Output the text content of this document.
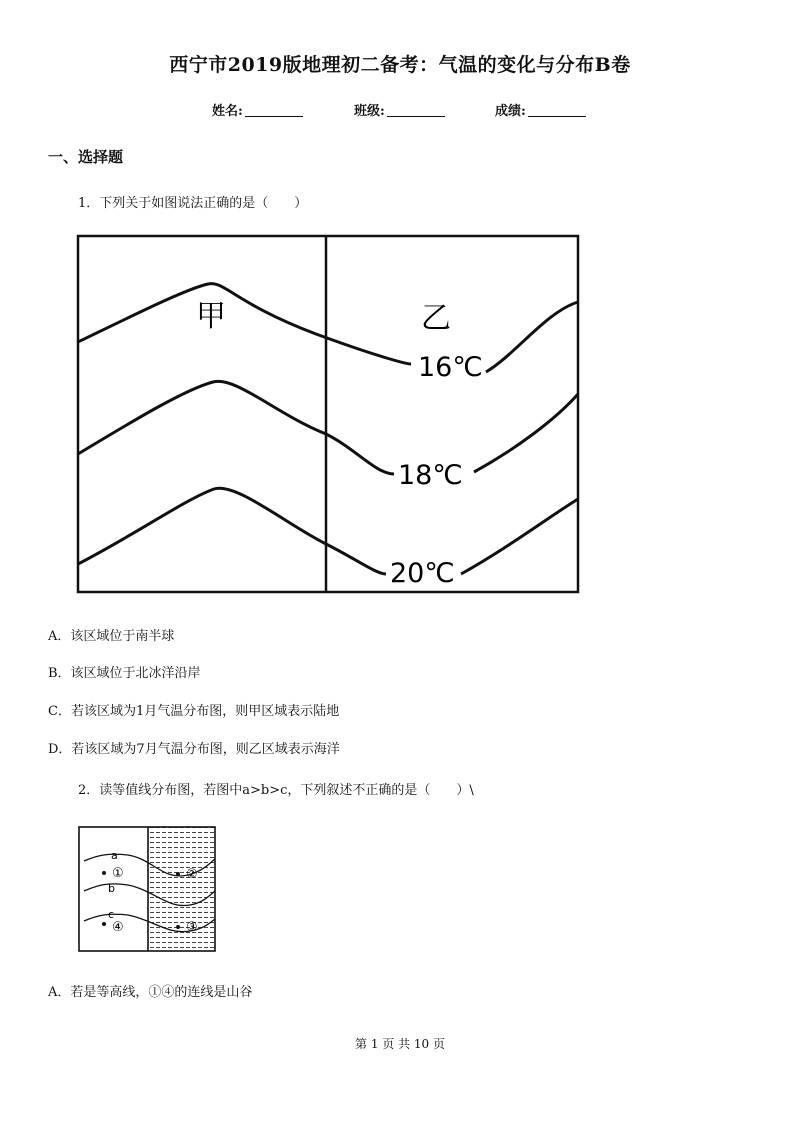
西宁市2019版地理初二备考：气温的变化与分布B卷
姓名:	班级:	成绩:
一、选择题
1．下列关于如图说法正确的是（　　）
甲	乙
16℃
18℃
20℃
A．该区域位于南半球
B．该区域位于北冰洋沿岸
C．若该区域为1月气温分布图，则甲区域表示陆地
D．若该区域为7月气温分布图，则乙区域表示海洋
2．读等值线分布图，若图中a>b>c，下列叙述不正确的是（　　）\
a
b
c
①	②
③
④
A．若是等高线，①④的连线是山谷
第 1 页 共 10 页
